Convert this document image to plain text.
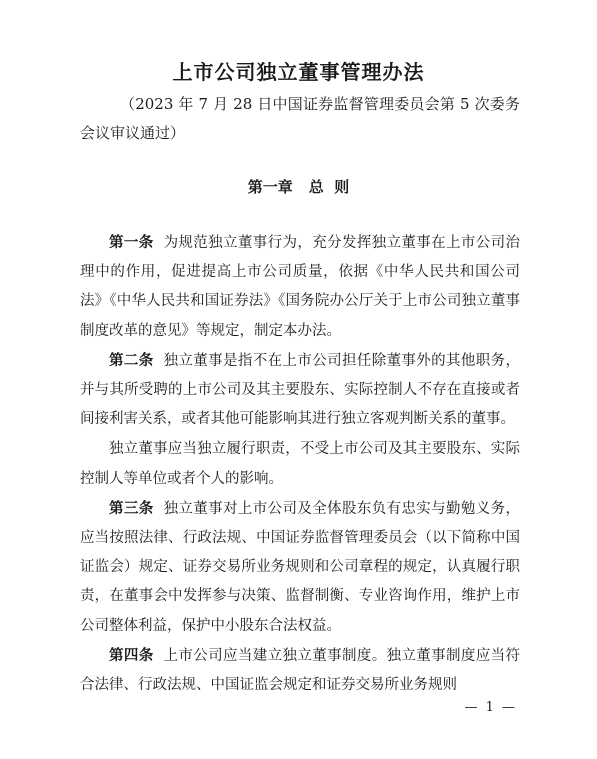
上市公司独立董事管理办法
（2023 年 7 月 28 日中国证券监督管理委员会第 5 次委务会议审议通过）
第一章 总  则

第一条 为规范独立董事行为，充分发挥独立董事在上市公司治理中的作用，促进提高上市公司质量，依据《中华人民共和国公司法》《中华人民共和国证券法》《国务院办公厅关于上市公司独立董事制度改革的意见》等规定，制定本办法。

第二条 独立董事是指不在上市公司担任除董事外的其他职务，并与其所受聘的上市公司及其主要股东、实际控制人不存在直接或者间接利害关系，或者其他可能影响其进行独立客观判断关系的董事。

独立董事应当独立履行职责，不受上市公司及其主要股东、实际控制人等单位或者个人的影响。

第三条 独立董事对上市公司及全体股东负有忠实与勤勉义务，应当按照法律、行政法规、中国证券监督管理委员会（以下简称中国证监会）规定、证券交易所业务规则和公司章程的规定，认真履行职责，在董事会中发挥参与决策、监督制衡、专业咨询作用，维护上市公司整体利益，保护中小股东合法权益。

第四条 上市公司应当建立独立董事制度。独立董事制度应当符合法律、行政法规、中国证监会规定和证券交易所业务规则

— 1 —
